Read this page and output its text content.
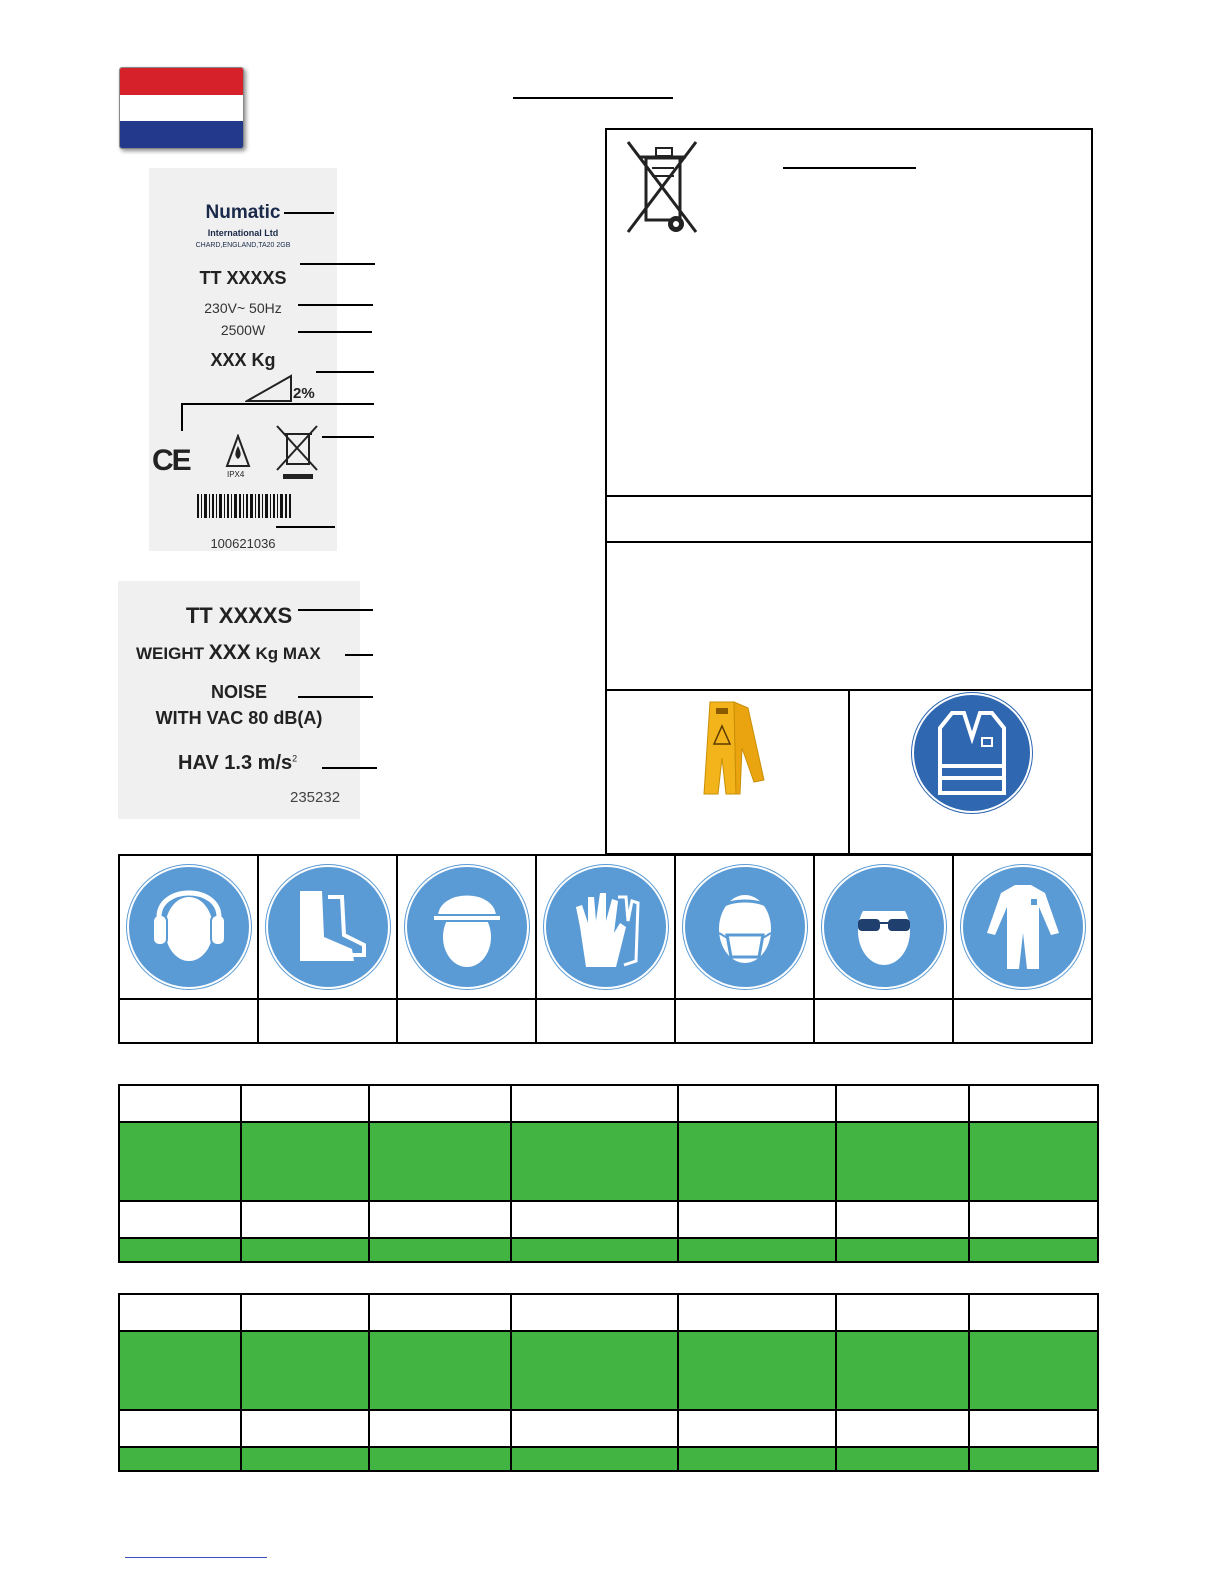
Numatic
International Ltd
CHARD,ENGLAND,TA20 2GB
TT XXXXS
230V~ 50Hz
2500W
XXX Kg
2%
CE	IPX4
100621036
TT XXXXS
WEIGHT XXX Kg MAX
NOISE
WITH VAC 80 dB(A)
HAV 1.3 $m/s^2$
235232
